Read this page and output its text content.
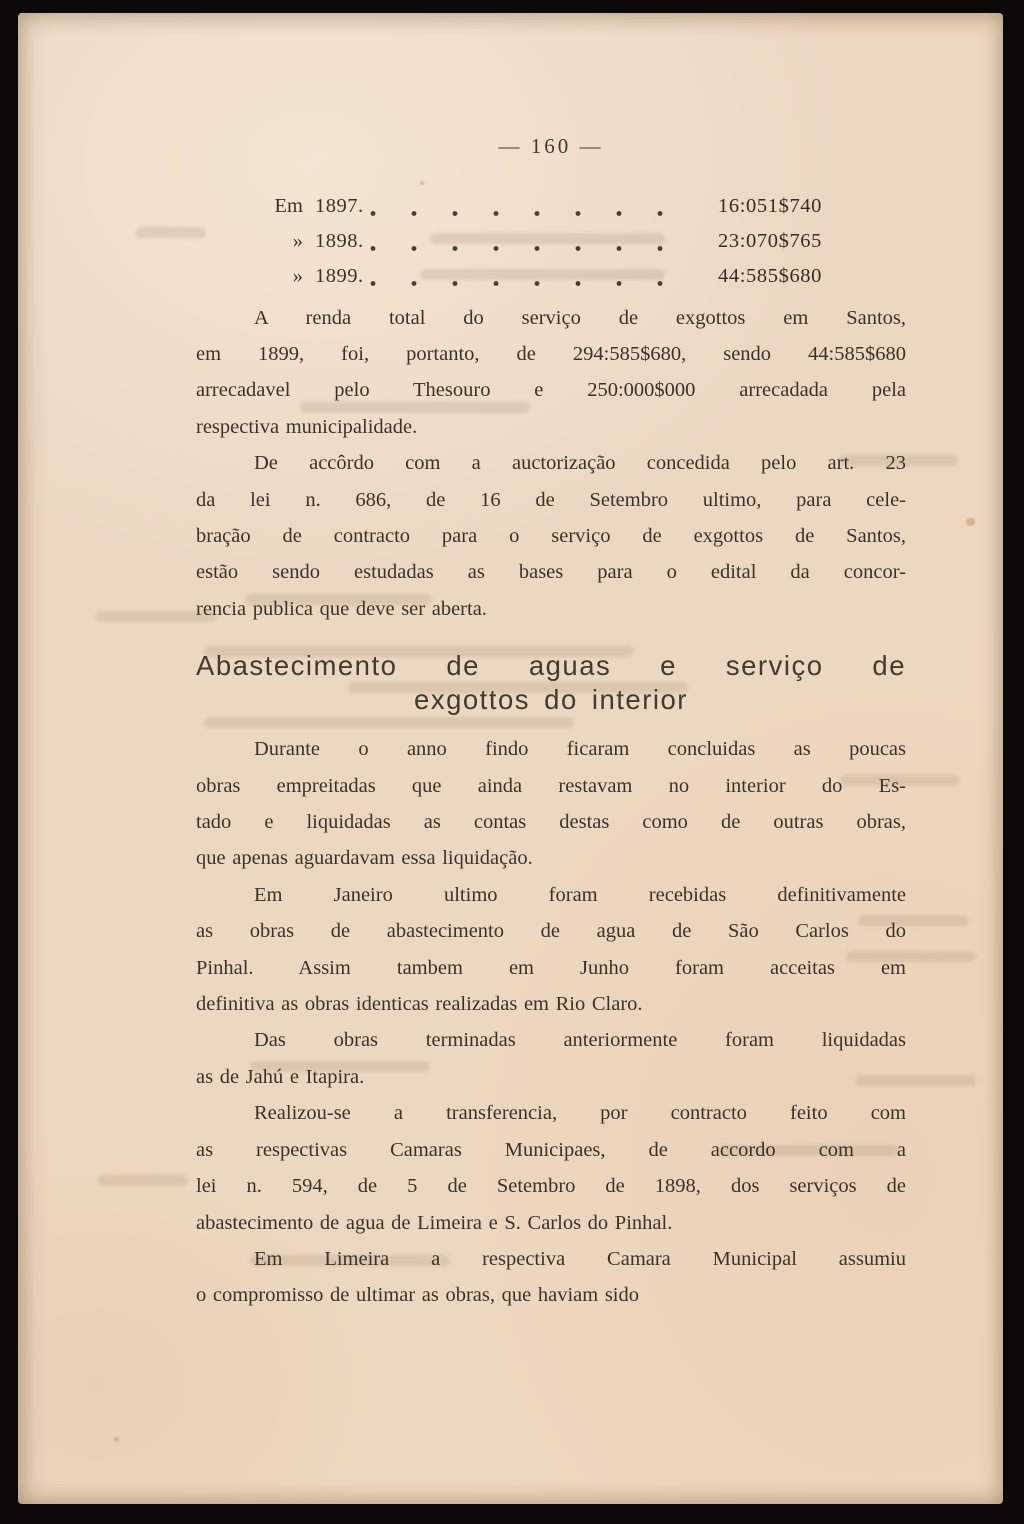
— 160 —
Em 1897.	16:051$740
» 1898.	23:070$765
» 1899.	44:585$680
A renda total do serviço de exgottos em Santos,
em 1899, foi, portanto, de 294:585$680, sendo 44:585$680
arrecadavel pelo Thesouro e 250:000$000 arrecadada pela
respectiva municipalidade.
De accôrdo com a auctorização concedida pelo art. 23
da lei n. 686, de 16 de Setembro ultimo, para cele-
bração de contracto para o serviço de exgottos de Santos,
estão sendo estudadas as bases para o edital da concor-
rencia publica que deve ser aberta.
Abastecimento de aguas e serviço de
exgottos do interior
Durante o anno findo ficaram concluidas as poucas
obras empreitadas que ainda restavam no interior do Es-
tado e liquidadas as contas destas como de outras obras,
que apenas aguardavam essa liquidação.
Em Janeiro ultimo foram recebidas definitivamente
as obras de abastecimento de agua de São Carlos do
Pinhal. Assim tambem em Junho foram acceitas em
definitiva as obras identicas realizadas em Rio Claro.
Das obras terminadas anteriormente foram liquidadas
as de Jahú e Itapira.
Realizou-se a transferencia, por contracto feito com
as respectivas Camaras Municipaes, de accordo com a
lei n. 594, de 5 de Setembro de 1898, dos serviços de
abastecimento de agua de Limeira e S. Carlos do Pinhal.
Em Limeira a respectiva Camara Municipal assumiu
o compromisso de ultimar as obras, que haviam sido
